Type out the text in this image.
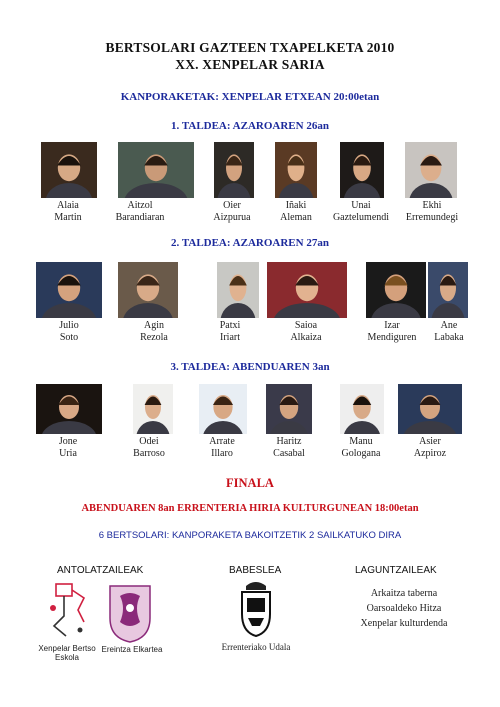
BERTSOLARI GAZTEEN TXAPELKETA 2010
XX. XENPELAR SARIA
KANPORAKETAK: XENPELAR ETXEAN 20:00etan
1. TALDEA: AZAROAREN 26an
2. TALDEA: AZAROAREN 27an
3. TALDEA: ABENDUAREN 3an
Alaia
Martin
Aitzol
Barandiaran
Oier
Aizpurua
Iñaki
Aleman
Unai
Gaztelumendi
Ekhi
Erremundegi
Julio
Soto
Agin
Rezola
Patxi
Iriart
Saioa
Alkaiza
Izar
Mendiguren
Ane
Labaka
Jone
Uria
Odei
Barroso
Arrate
Illaro
Haritz
Casabal
Manu
Gologana
Asier
Azpiroz
FINALA
ABENDUAREN 8an ERRENTERIA HIRIA KULTURGUNEAN 18:00etan
6 BERTSOLARI: KANPORAKETA BAKOITZETIK 2 SAILKATUKO DIRA
ANTOLATZAILEAK	BABESLEA	LAGUNTZAILEAK
Xenpelar Bertso Eskola
Ereintza Elkartea	Errenteriako Udala
Arkaitza taberna
Oarsoaldeko Hitza
Xenpelar kulturdenda
